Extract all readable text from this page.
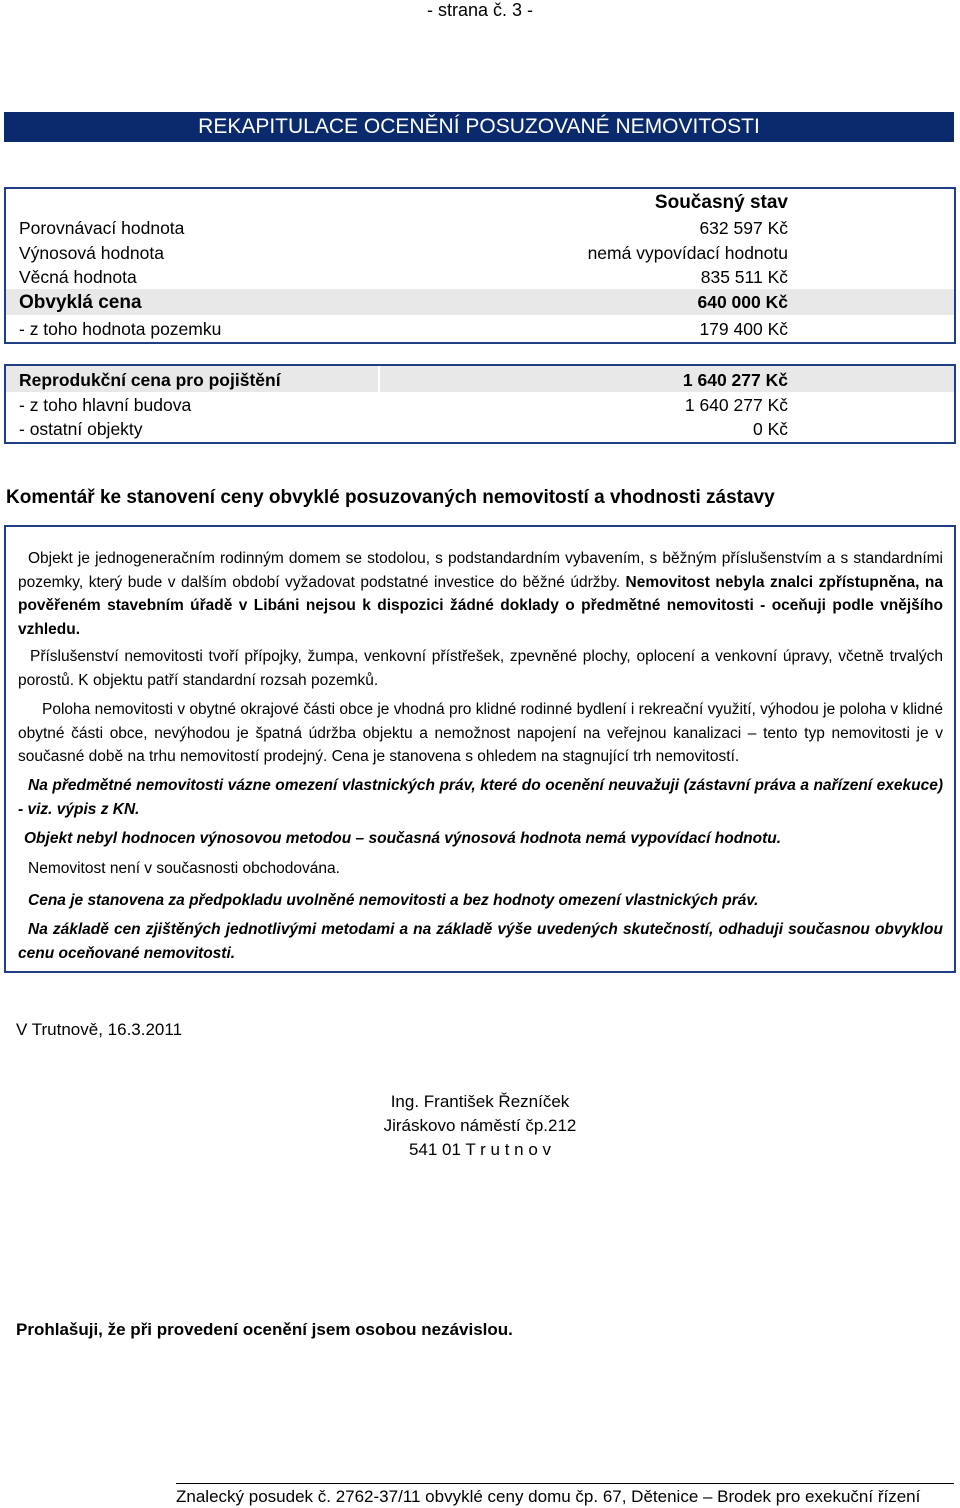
- strana č. 3 -
REKAPITULACE OCENĚNÍ POSUZOVANÉ NEMOVITOSTI
Současný stav
Porovnávací hodnota	632 597 Kč
Výnosová hodnota	nemá vypovídací hodnotu
Věcná hodnota	835 511 Kč
Obvyklá cena	640 000 Kč
- z toho hodnota pozemku	179 400 Kč
Reprodukční cena pro pojištění	1 640 277 Kč
- z toho hlavní budova	1 640 277 Kč
- ostatní objekty	0 Kč
Komentář ke stanovení ceny obvyklé posuzovaných nemovitostí a vhodnosti zástavy
Objekt je jednogeneračním rodinným domem se stodolou, s podstandardním vybavením, s běžným příslušenstvím a s standardními pozemky, který bude v dalším období vyžadovat podstatné investice do běžné údržby. Nemovitost nebyla znalci zpřístupněna, na pověřeném stavebním úřadě v Libáni nejsou k dispozici žádné doklady o předmětné nemovitosti - oceňuji podle vnějšího vzhledu.
Příslušenství nemovitosti tvoří přípojky, žumpa, venkovní přístřešek, zpevněné plochy, oplocení a venkovní úpravy, včetně trvalých porostů. K objektu patří standardní rozsah pozemků.
Poloha nemovitosti v obytné okrajové části obce je vhodná pro klidné rodinné bydlení i rekreační využití, výhodou je poloha v klidné obytné části obce, nevýhodou je špatná údržba objektu a nemožnost napojení na veřejnou kanalizaci – tento typ nemovitosti je v současné době na trhu nemovitostí prodejný. Cena je stanovena s ohledem na stagnující trh nemovitostí.
Na předmětné nemovitosti vázne omezení vlastnických práv, které do ocenění neuvažuji (zástavní práva a nařízení exekuce) - viz. výpis z KN.
Objekt nebyl hodnocen výnosovou metodou – současná výnosová hodnota nemá vypovídací hodnotu.
Nemovitost není v současnosti obchodována.
Cena je stanovena za předpokladu uvolněné nemovitosti a bez hodnoty omezení vlastnických práv.
Na základě cen zjištěných jednotlivými metodami a na základě výše uvedených skutečností, odhaduji současnou obvyklou cenu oceňované nemovitosti.
V Trutnově, 16.3.2011
Ing. František Řezníček
Jiráskovo náměstí čp.212
541 01 T r u t n o v
Prohlašuji, že při provedení ocenění jsem osobou nezávislou.
Znalecký posudek č. 2762-37/11 obvyklé ceny domu čp. 67, Dětenice – Brodek pro exekuční řízení
